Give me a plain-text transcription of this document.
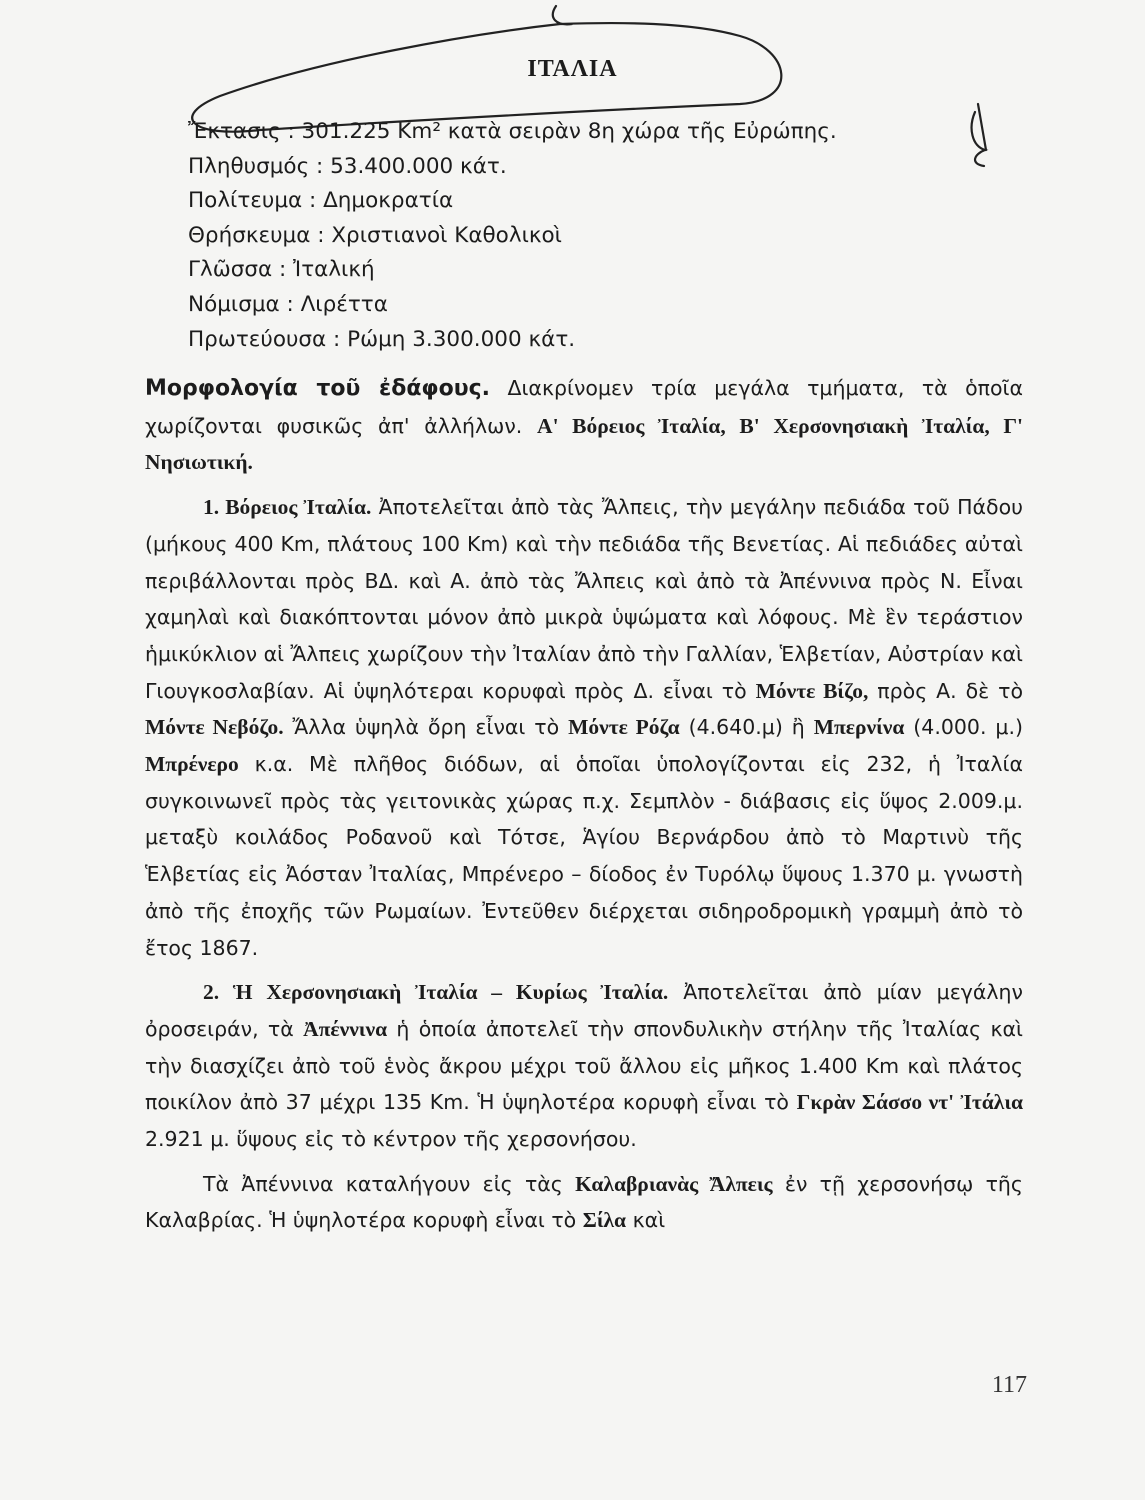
ΙΤΑΛΙΑ
Ἔκτασις : 301.225 Km² κατὰ σειρὰν 8η χώρα τῆς Εὐρώπης.
Πληθυσμός : 53.400.000 κάτ.
Πολίτευμα : Δημοκρατία
Θρήσκευμα : Χριστιανοὶ Καθολικοὶ
Γλῶσσα : Ἰταλική
Νόμισμα : Λιρέττα
Πρωτεύουσα : Ρώμη 3.300.000 κάτ.

Μορφολογία τοῦ ἐδάφους. Διακρίνομεν τρία μεγάλα τμήματα, τὰ ὁποῖα χωρίζονται φυσικῶς ἀπ' ἀλλήλων. Α' Βόρειος Ἰταλία, Β' Χερσονησιακὴ Ἰταλία, Γ' Νησιωτική.

1. Βόρειος Ἰταλία. Ἀποτελεῖται ἀπὸ τὰς Ἄλπεις, τὴν μεγάλην πεδιάδα τοῦ Πάδου (μήκους 400 Km, πλάτους 100 Km) καὶ τὴν πεδιάδα τῆς Βενετίας. Αἱ πεδιάδες αὐταὶ περιβάλλονται πρὸς ΒΔ. καὶ Α. ἀπὸ τὰς Ἄλπεις καὶ ἀπὸ τὰ Ἀπέννινα πρὸς Ν. Εἶναι χαμηλαὶ καὶ διακόπτονται μόνον ἀπὸ μικρὰ ὑψώματα καὶ λόφους. Μὲ ἓν τεράστιον ἡμικύκλιον αἱ Ἄλπεις χωρίζουν τὴν Ἰταλίαν ἀπὸ τὴν Γαλλίαν, Ἑλβετίαν, Αὐστρίαν καὶ Γιουγκοσλαβίαν. Αἱ ὑψηλότεραι κορυφαὶ πρὸς Δ. εἶναι τὸ Μόντε Βίζο, πρὸς Α. δὲ τὸ Μόντε Νεβόζο. Ἄλλα ὑψηλὰ ὄρη εἶναι τὸ Μόντε Ρόζα (4.640.μ) ἢ Μπερνίνα (4.000. μ.) Μπρένερο κ.α. Μὲ πλῆθος διόδων, αἱ ὁποῖαι ὑπολογίζονται εἰς 232, ἡ Ἰταλία συγκοινωνεῖ πρὸς τὰς γειτονικὰς χώρας π.χ. Σεμπλὸν - διάβασις εἰς ὕψος 2.009.μ. μεταξὺ κοιλάδος Ροδανοῦ καὶ Τότσε, Ἁγίου Βερνάρδου ἀπὸ τὸ Μαρτινὺ τῆς Ἑλβετίας εἰς Ἀόσταν Ἰταλίας, Μπρένερο – δίοδος ἐν Τυρόλῳ ὕψους 1.370 μ. γνωστὴ ἀπὸ τῆς ἐποχῆς τῶν Ρωμαίων. Ἐντεῦθεν διέρχεται σιδηροδρομικὴ γραμμὴ ἀπὸ τὸ ἔτος 1867.

2. Ἡ Χερσονησιακὴ Ἰταλία – Κυρίως Ἰταλία. Ἀποτελεῖται ἀπὸ μίαν μεγάλην ὀροσειράν, τὰ Ἀπέννινα ἡ ὁποία ἀποτελεῖ τὴν σπονδυλικὴν στήλην τῆς Ἰταλίας καὶ τὴν διασχίζει ἀπὸ τοῦ ἑνὸς ἄκρου μέχρι τοῦ ἄλλου εἰς μῆκος 1.400 Km καὶ πλάτος ποικίλον ἀπὸ 37 μέχρι 135 Km. Ἡ ὑψηλοτέρα κορυφὴ εἶναι τὸ Γκρὰν Σάσσο ντ' Ἰτάλια 2.921 μ. ὕψους εἰς τὸ κέντρον τῆς χερσονήσου.

Τὰ Ἀπέννινα καταλήγουν εἰς τὰς Καλαβριανὰς Ἄλπεις ἐν τῇ χερσονήσῳ τῆς Καλαβρίας. Ἡ ὑψηλοτέρα κορυφὴ εἶναι τὸ Σίλα καὶ

117
